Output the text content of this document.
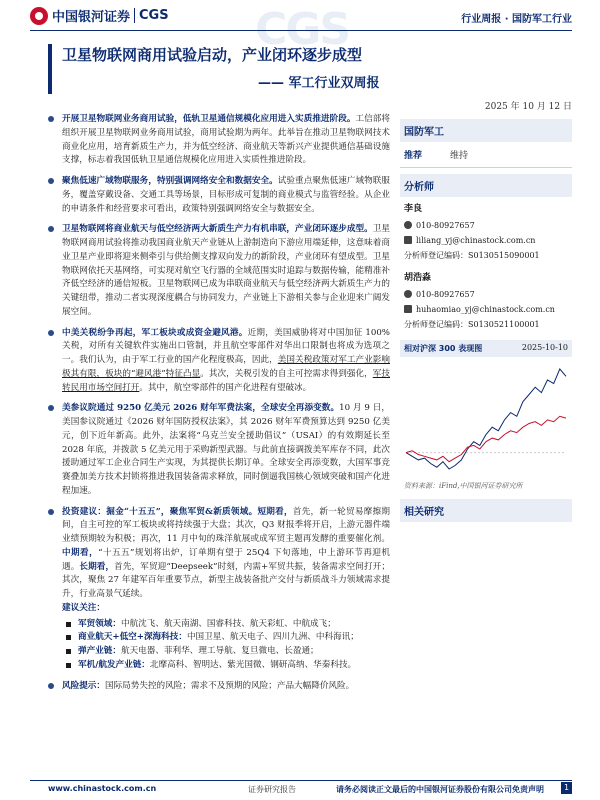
中国银河证券 CGS CGS	行业周报 · 国防军工行业
卫星物联网商用试验启动，产业闭环逐步成型
—— 军工行业双周报
2025 年 10 月 12 日
开展卫星物联网业务商用试验，低轨卫星通信规模化应用进入实质推进阶段。工信部将组织开展卫星物联网业务商用试验，商用试验期为两年。此举旨在推动卫星物联网技术商业化应用，培育新质生产力，并为低空经济、商业航天等新兴产业提供通信基础设施支撑，标志着我国低轨卫星通信规模化应用进入实质性推进阶段。
聚焦低速广域物联服务，特别强调网络安全和数据安全。试验重点聚焦低速广域物联服务，覆盖穿戴设备、交通工具等场景，目标形成可复制的商业模式与监管经验。从企业的申请条件和经营要求可看出，政策特别强调网络安全与数据安全。
卫星物联网将商业航天与低空经济两大新质生产力有机串联，产业闭环逐步成型。卫星物联网商用试验将推动我国商业航天产业链从上游制造向下游应用端延伸，这意味着商业卫星产业即将迎来侧牵引与供给侧支撑双向发力的新阶段，产业闭环有望成型。卫星物联网依托天基网络，可实现对航空飞行器的全域范围实时追踪与数据传输，能精准补齐低空经济的通信短板。卫星物联网已成为串联商业航天与低空经济两大新质生产力的关键纽带，推动二者实现深度耦合与协同发力，产业链上下游相关参与企业迎来广阔发展空间。
中美关税纷争再起，军工板块或成资金避风港。近期，美国威胁将对中国加征 100%关税，对所有关键软件实施出口管制，并且航空零部件对华出口限制也将成为选项之一。我们认为，由于军工行业的国产化程度极高，因此，美国关税政策对军工产业影响极其有限，板块的“避风港”特征凸显。其次，关税引发的自主可控需求得到强化，军技转民用市场空间打开。其中，航空零部件的国产化进程有望破冰。
美参议院通过 9250 亿美元 2026 财年军费法案，全球安全再添变数。10 月 9 日，美国参议院通过《2026 财年国防授权法案》，其 2026 财年军费预算达到 9250 亿美元，创下近年新高。此外，法案将“乌克兰安全援助倡议”（USAI）的有效期延长至 2028 年底，并拨款 5 亿美元用于采购新型武器。与此前直接调拨美军库存不同，此次援助通过军工企业合同生产实现，为其提供长期订单。全球安全再添变数，大国军事竞赛叠加美方技术封锁将推进我国装备需求释放，同时倒逼我国核心领域突破和国产化进程加速。
投资建议：掘金“十五五”，聚焦军贸&新质领域。短期看，首先，新一轮贸易摩擦期间，自主可控的军工板块或将持续强于大盘；其次，Q3 财报季将开启，上游元器件端业绩预期较为积极；再次，11 月中旬的珠洋航展或成军贸主题再发酵的重要催化剂。中期看，“十五五”规划将出炉，订单期有望于 25Q4 下旬落地，中上游环节再迎机遇。长期看，首先，军贸迎“Deepseek”时刻，内需+军贸共振，装备需求空间打开；其次，聚焦 27 年建军百年重要节点，新型主战装备批产交付与新质战斗力领域需求提升，行业高景气延续。
建议关注：
军贸领域：中航沈飞、航天南湖、国睿科技、航天彩虹、中航成飞；
商业航天+低空+深海科技：中国卫星、航天电子、四川九洲、中科海讯；
弹产业链：航天电器、菲利华、理工导航、复旦微电、长盈通；
军机/航发产业链：北摩高科、智明达、紫光国微、钢研高纳、华秦科技。
风险提示：国际局势失控的风险；需求不及预期的风险；产品大幅降价风险。
国防军工
推荐	维持
分析师
李良
010-80927657
liliang_yj@chinastock.com.cn
分析师登记编码：S0130515090001
胡浩淼
010-80927657
huhaomiao_yj@chinastock.com.cn
分析师登记编码：S0130521100001
相对沪深 300 表现图	2025-10-10
资料来源：iFind,中国银河证券研究所
相关研究
www.chinastock.com.cn	证券研究报告	请务必阅读正文最后的中国银河证券股份有限公司免责声明	1
